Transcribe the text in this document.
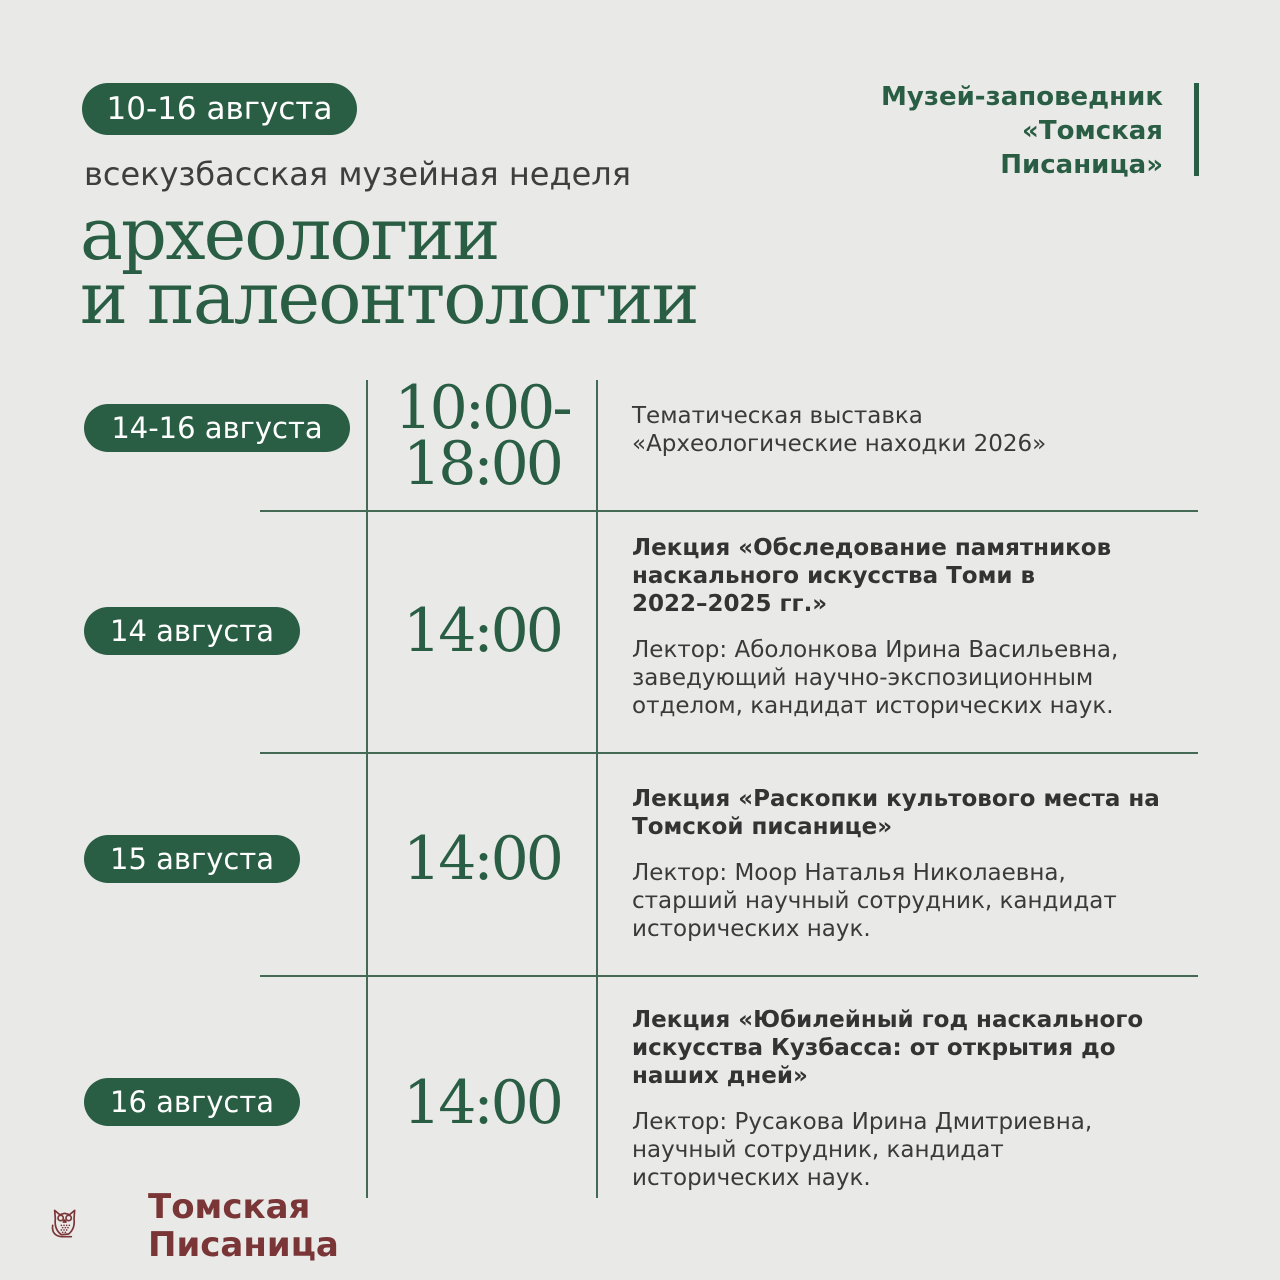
10-16 августа	Музей-заповедник
«Томская
Писаница»
всекузбасская музейная неделя
археологии
и палеонтологии
14-16 августа	10:00-
18:00
Тематическая выставка
«Археологические находки 2026»
14 августа	14:00
Лекция «Обследование памятников
наскального искусства Томи в
2022–2025 гг.»
Лектор: Аболонкова Ирина Васильевна,
заведующий научно-экспозиционным
отделом, кандидат исторических наук.
15 августа	14:00
Лекция «Раскопки культового места на
Томской писанице»
Лектор: Моор Наталья Николаевна,
старший научный сотрудник, кандидат
исторических наук.
16 августа	14:00
Лекция «Юбилейный год наскального
искусства Кузбасса: от открытия до
наших дней»
Лектор: Русакова Ирина Дмитриевна,
научный сотрудник, кандидат
исторических наук.
Томская
Писаница
